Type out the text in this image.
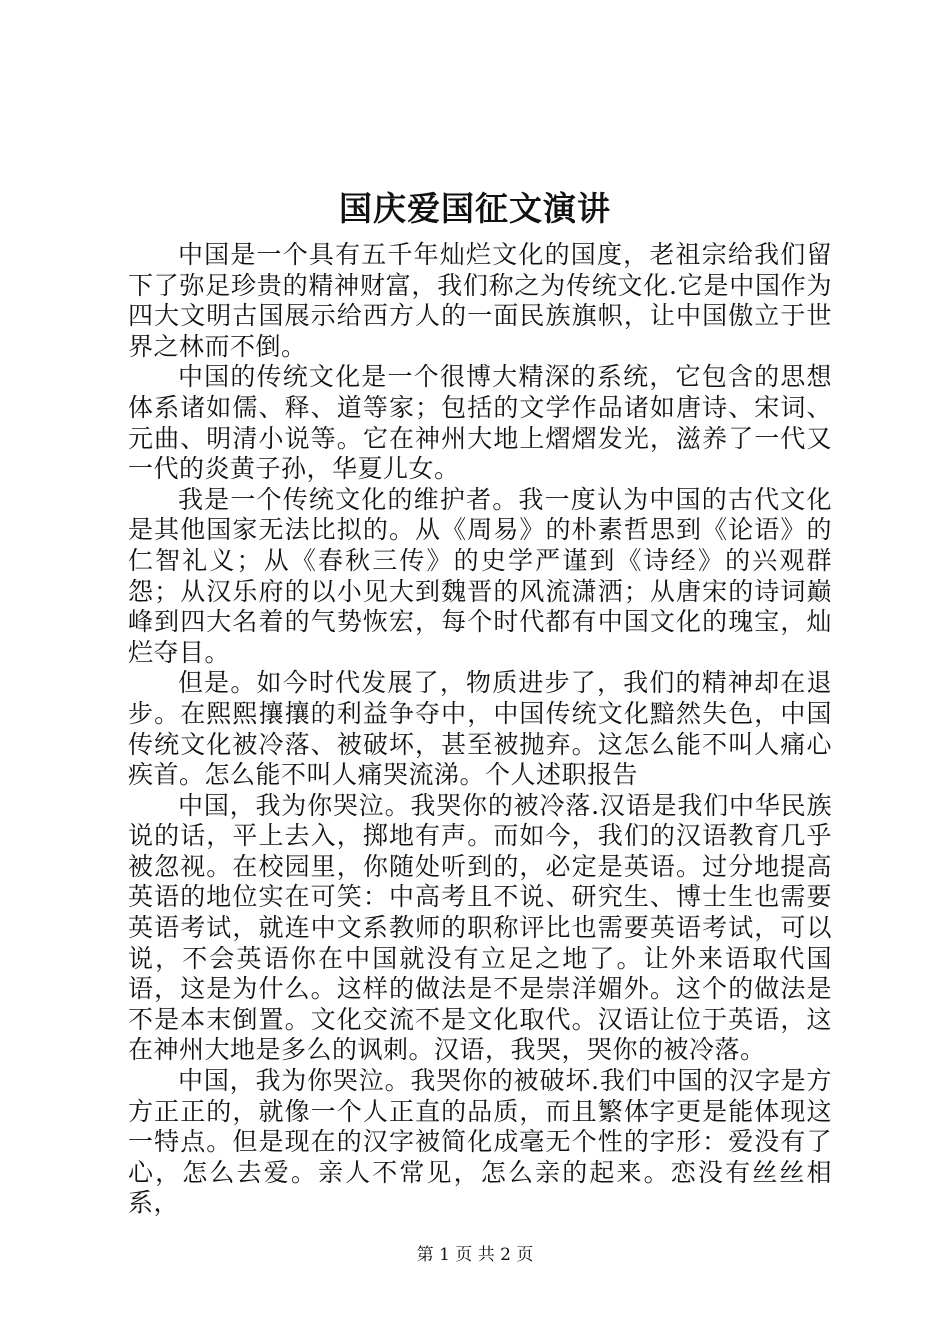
国庆爱国征文演讲

中国是一个具有五千年灿烂文化的国度，老祖宗给我们留下了弥足珍贵的精神财富，我们称之为传统文化.它是中国作为四大文明古国展示给西方人的一面民族旗帜，让中国傲立于世界之林而不倒。

中国的传统文化是一个很博大精深的系统，它包含的思想体系诸如儒、释、道等家；包括的文学作品诸如唐诗、宋词、元曲、明清小说等。它在神州大地上熠熠发光，滋养了一代又一代的炎黄子孙，华夏儿女。

我是一个传统文化的维护者。我一度认为中国的古代文化是其他国家无法比拟的。从《周易》的朴素哲思到《论语》的仁智礼义；从《春秋三传》的史学严谨到《诗经》的兴观群怨；从汉乐府的以小见大到魏晋的风流潇洒；从唐宋的诗词巅峰到四大名着的气势恢宏，每个时代都有中国文化的瑰宝，灿烂夺目。

但是。如今时代发展了，物质进步了，我们的精神却在退步。在熙熙攘攘的利益争夺中，中国传统文化黯然失色，中国传统文化被冷落、被破坏，甚至被抛弃。这怎么能不叫人痛心疾首。怎么能不叫人痛哭流涕。个人述职报告

中国，我为你哭泣。我哭你的被冷落.汉语是我们中华民族说的话，平上去入，掷地有声。而如今，我们的汉语教育几乎被忽视。在校园里，你随处听到的，必定是英语。过分地提高英语的地位实在可笑：中高考且不说、研究生、博士生也需要英语考试，就连中文系教师的职称评比也需要英语考试，可以说，不会英语你在中国就没有立足之地了。让外来语取代国语，这是为什么。这样的做法是不是崇洋媚外。这个的做法是不是本末倒置。文化交流不是文化取代。汉语让位于英语，这在神州大地是多么的讽刺。汉语，我哭，哭你的被冷落。

中国，我为你哭泣。我哭你的被破坏.我们中国的汉字是方方正正的，就像一个人正直的品质，而且繁体字更是能体现这一特点。但是现在的汉字被简化成毫无个性的字形：爱没有了心，怎么去爱。亲人不常见，怎么亲的起来。恋没有丝丝相系，

第 1 页 共 2 页
